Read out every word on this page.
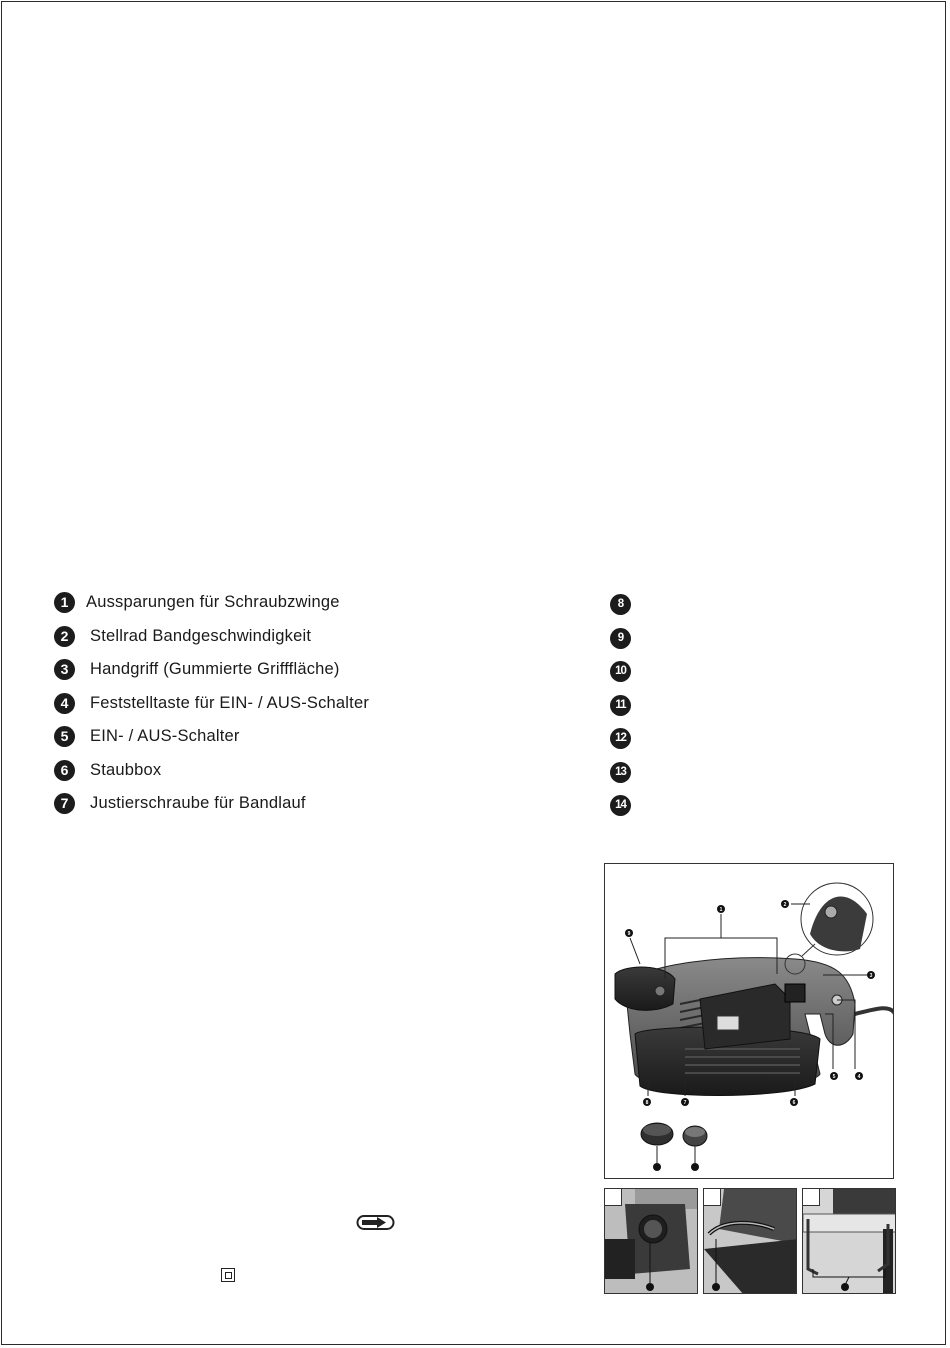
1	Aussparungen für Schraubzwinge
2	Stellrad Bandgeschwindigkeit
3	Handgriff (Gummierte Grifffläche)
4	Feststelltaste für EIN- / AUS-Schalter
5	EIN- / AUS-Schalter
6	Staubbox
7	Justierschraube für Bandlauf
8
9
10
11
12
13
14
1
2
3
4
5
6
7
8
9
